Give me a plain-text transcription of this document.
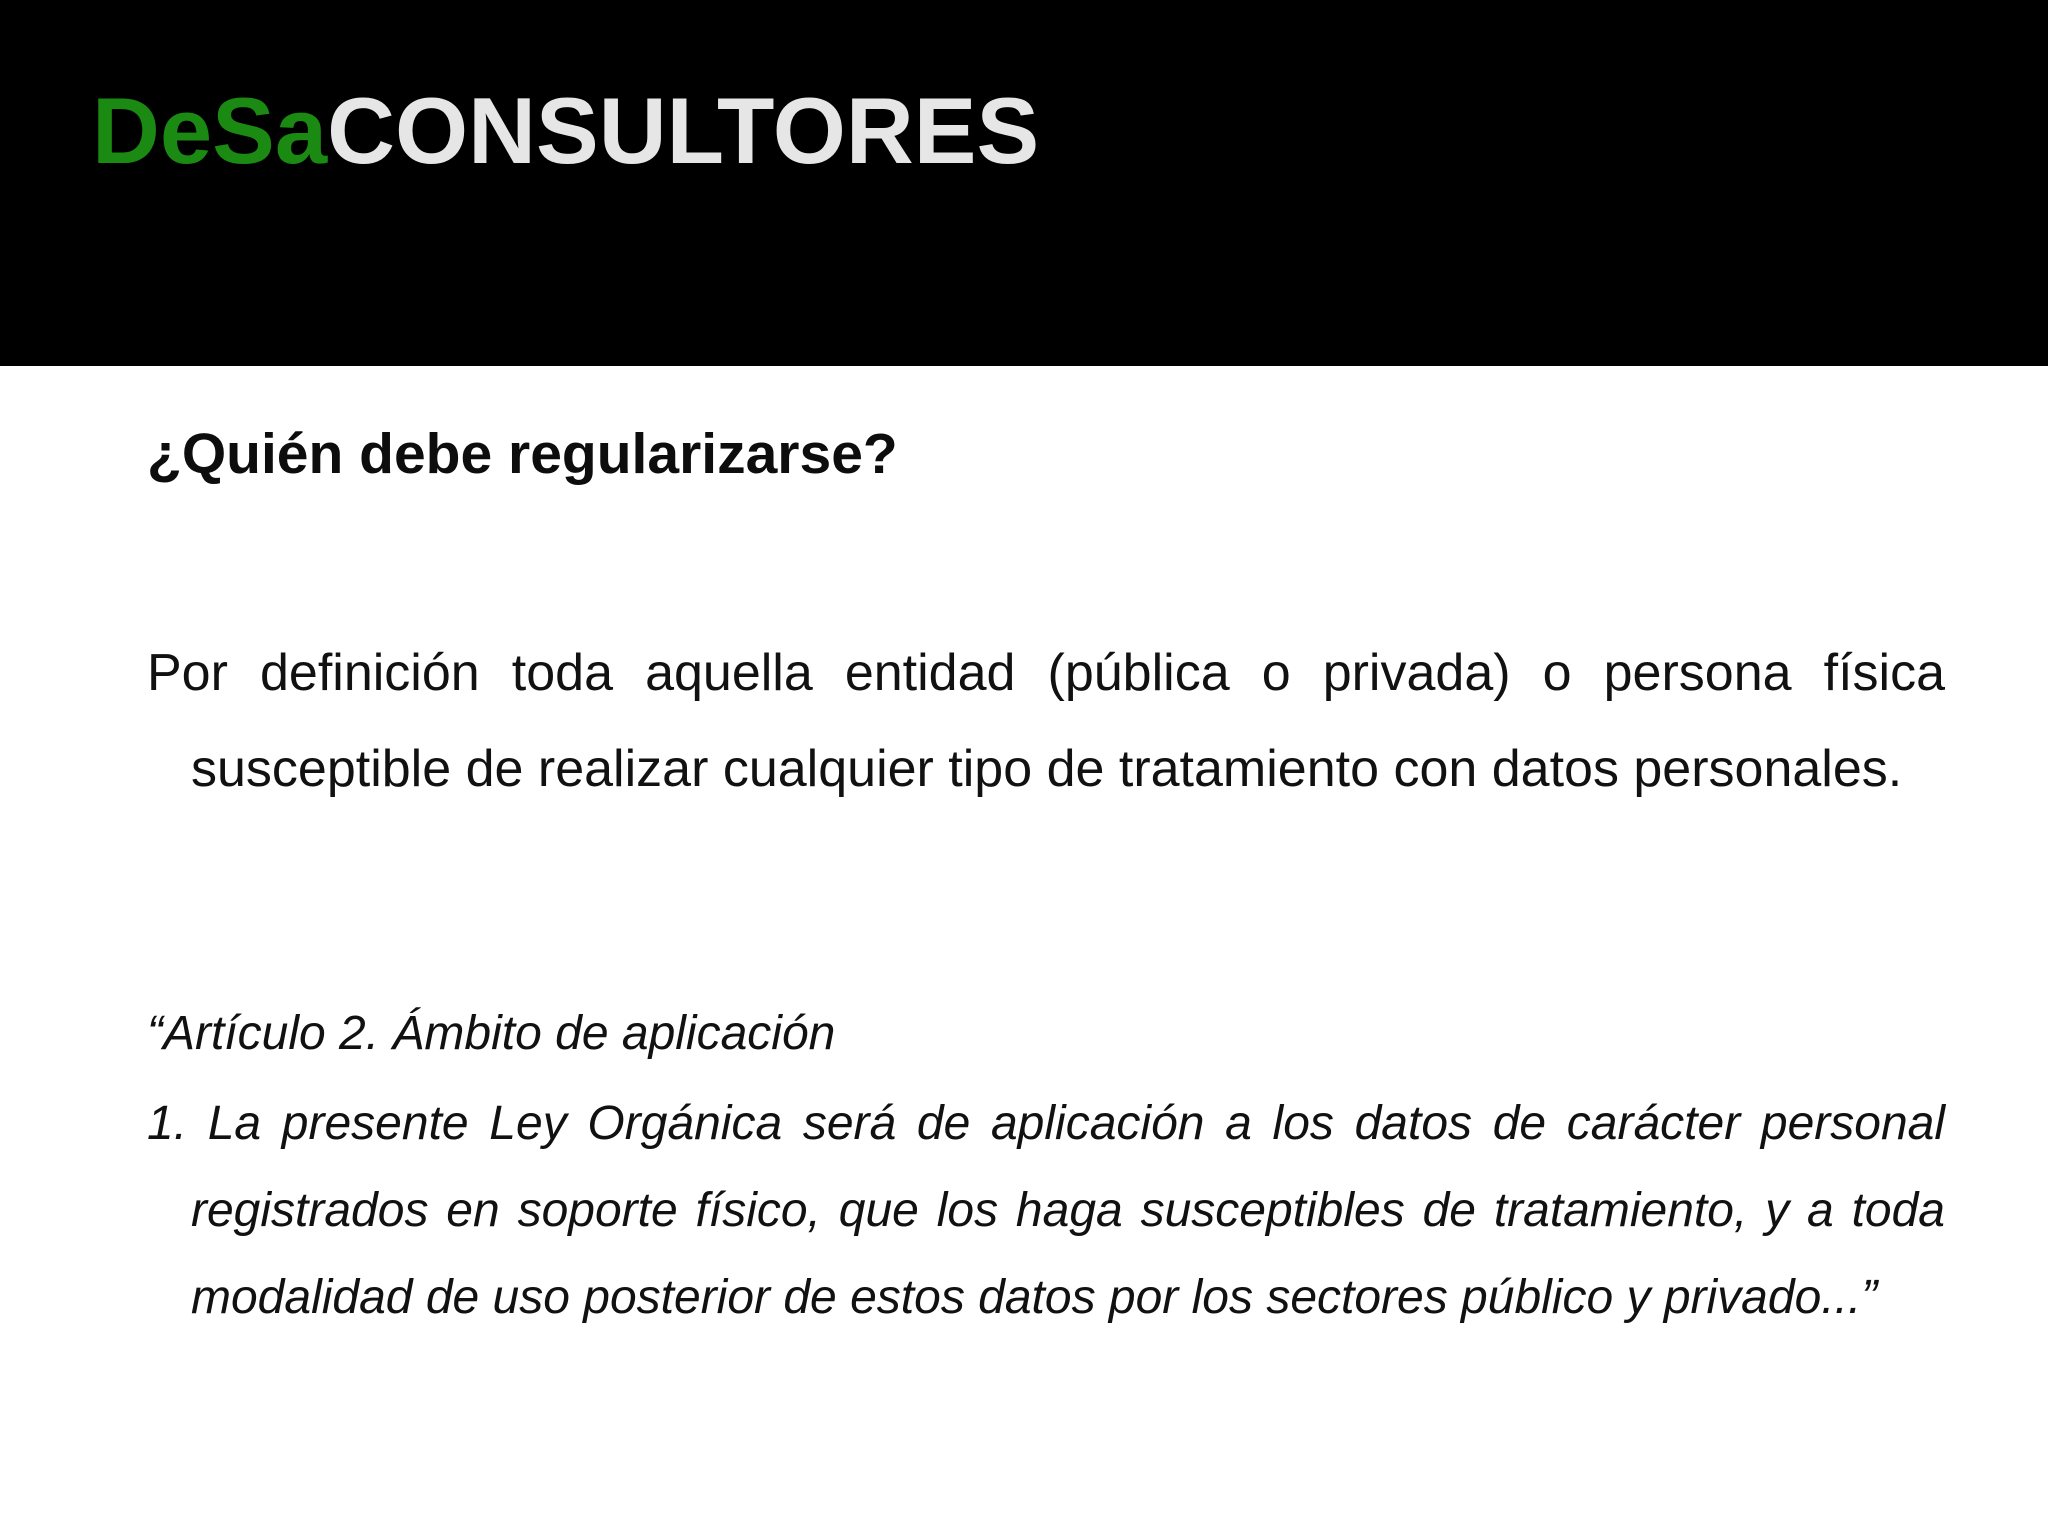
DeSaCONSULTORES
¿Quién debe regularizarse?

Por definición toda aquella entidad (pública o privada) o persona física susceptible de realizar cualquier tipo de tratamiento con datos personales.

“Artículo 2. Ámbito de aplicación

1. La presente Ley Orgánica será de aplicación a los datos de carácter personal registrados en soporte físico, que los haga susceptibles de tratamiento, y a toda modalidad de uso posterior de estos datos por los sectores público y privado...”
